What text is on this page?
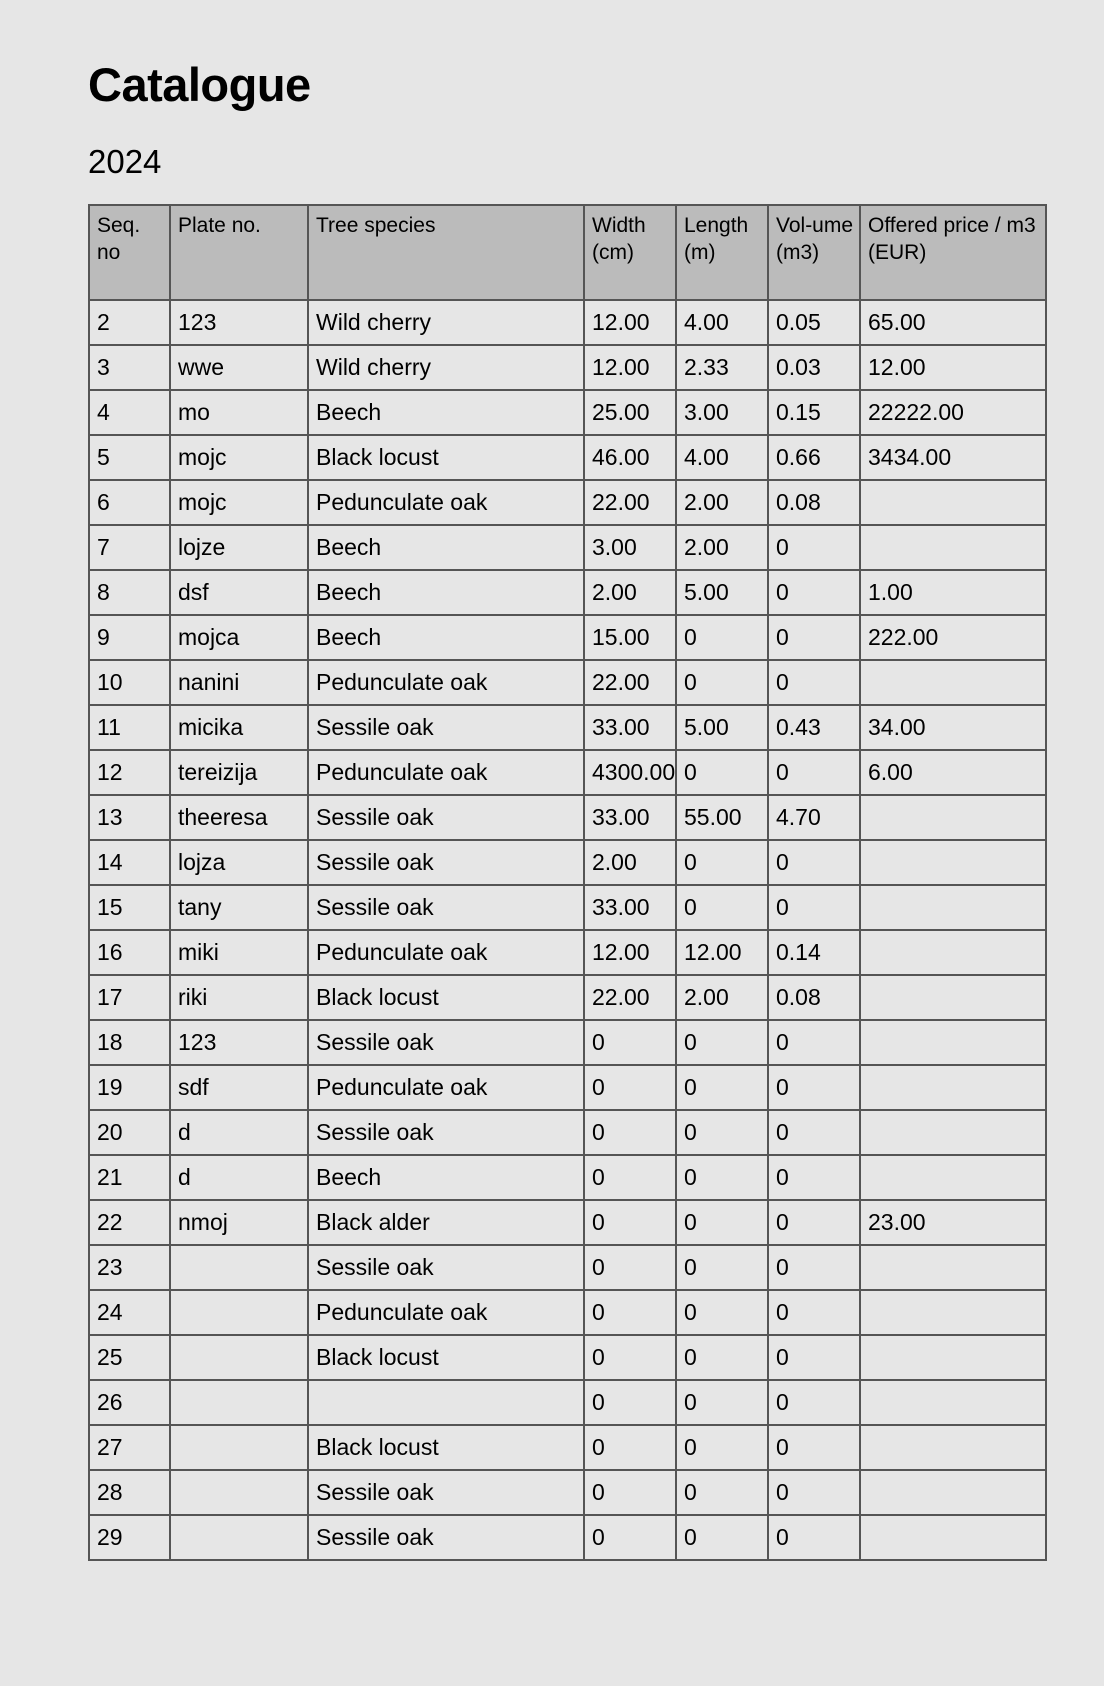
Catalogue
2024
Seq. no	Plate no.	Tree species	Width (cm)	Length (m)	Vol-ume (m3)	Offered price / m3 (EUR)
2	123	Wild cherry	12.00	4.00	0.05	65.00
3	wwe	Wild cherry	12.00	2.33	0.03	12.00
4	mo	Beech	25.00	3.00	0.15	22222.00
5	mojc	Black locust	46.00	4.00	0.66	3434.00
6	mojc	Pedunculate oak	22.00	2.00	0.08	
7	lojze	Beech	3.00	2.00	0	
8	dsf	Beech	2.00	5.00	0	1.00
9	mojca	Beech	15.00	0	0	222.00
10	nanini	Pedunculate oak	22.00	0	0	
11	micika	Sessile oak	33.00	5.00	0.43	34.00
12	tereizija	Pedunculate oak	4300.00	0	0	6.00
13	theeresa	Sessile oak	33.00	55.00	4.70	
14	lojza	Sessile oak	2.00	0	0	
15	tany	Sessile oak	33.00	0	0	
16	miki	Pedunculate oak	12.00	12.00	0.14	
17	riki	Black locust	22.00	2.00	0.08	
18	123	Sessile oak	0	0	0	
19	sdf	Pedunculate oak	0	0	0	
20	d	Sessile oak	0	0	0	
21	d	Beech	0	0	0	
22	nmoj	Black alder	0	0	0	23.00
23		Sessile oak	0	0	0	
24		Pedunculate oak	0	0	0	
25		Black locust	0	0	0	
26			0	0	0	
27		Black locust	0	0	0	
28		Sessile oak	0	0	0	
29		Sessile oak	0	0	0	
